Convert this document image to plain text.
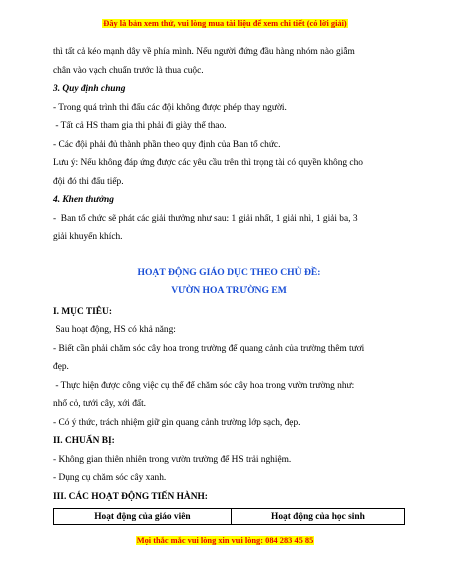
Đây là bản xem thử, vui lòng mua tài liệu để xem chi tiết (có lời giải)

thì tất cả kéo mạnh dây về phía mình. Nếu người đứng đầu hàng nhóm nào giẫm

chân vào vạch chuẩn trước là thua cuộc.

3. Quy định chung

- Trong quá trình thi đấu các đội không được phép thay người.

- Tất cả HS tham gia thi phải đi giày thể thao.

- Các đội phải đủ thành phần theo quy định của Ban tổ chức.

Lưu ý: Nếu không đáp ứng được các yêu cầu trên thì trọng tài có quyền không cho

đội đó thi đấu tiếp.

4. Khen thưởng

-  Ban tổ chức sẽ phát các giải thưởng như sau: 1 giải nhất, 1 giải nhì, 1 giải ba, 3

giải khuyến khích.

HOẠT ĐỘNG GIÁO DỤC THEO CHỦ ĐỀ:
VƯỜN HOA TRƯỜNG EM
I. MỤC TIÊU:

Sau hoạt động, HS có khả năng:

- Biết cần phải chăm sóc cây hoa trong trường để quang cảnh của trường thêm tươi

đẹp.

- Thực hiện được công việc cụ thể để chăm sóc cây hoa trong vườn trường như:

nhổ cỏ, tưới cây, xới đất.

- Có ý thức, trách nhiệm giữ gìn quang cảnh trường lớp sạch, đẹp.

II. CHUẨN BỊ:

- Không gian thiên nhiên trong vườn trường để HS trải nghiệm.

- Dụng cụ chăm sóc cây xanh.

III. CÁC HOẠT ĐỘNG TIẾN HÀNH:
Hoạt động của giáo viên	Hoạt động của học sinh
Mọi thắc mắc vui lòng xin vui lòng: 084 283 45 85
